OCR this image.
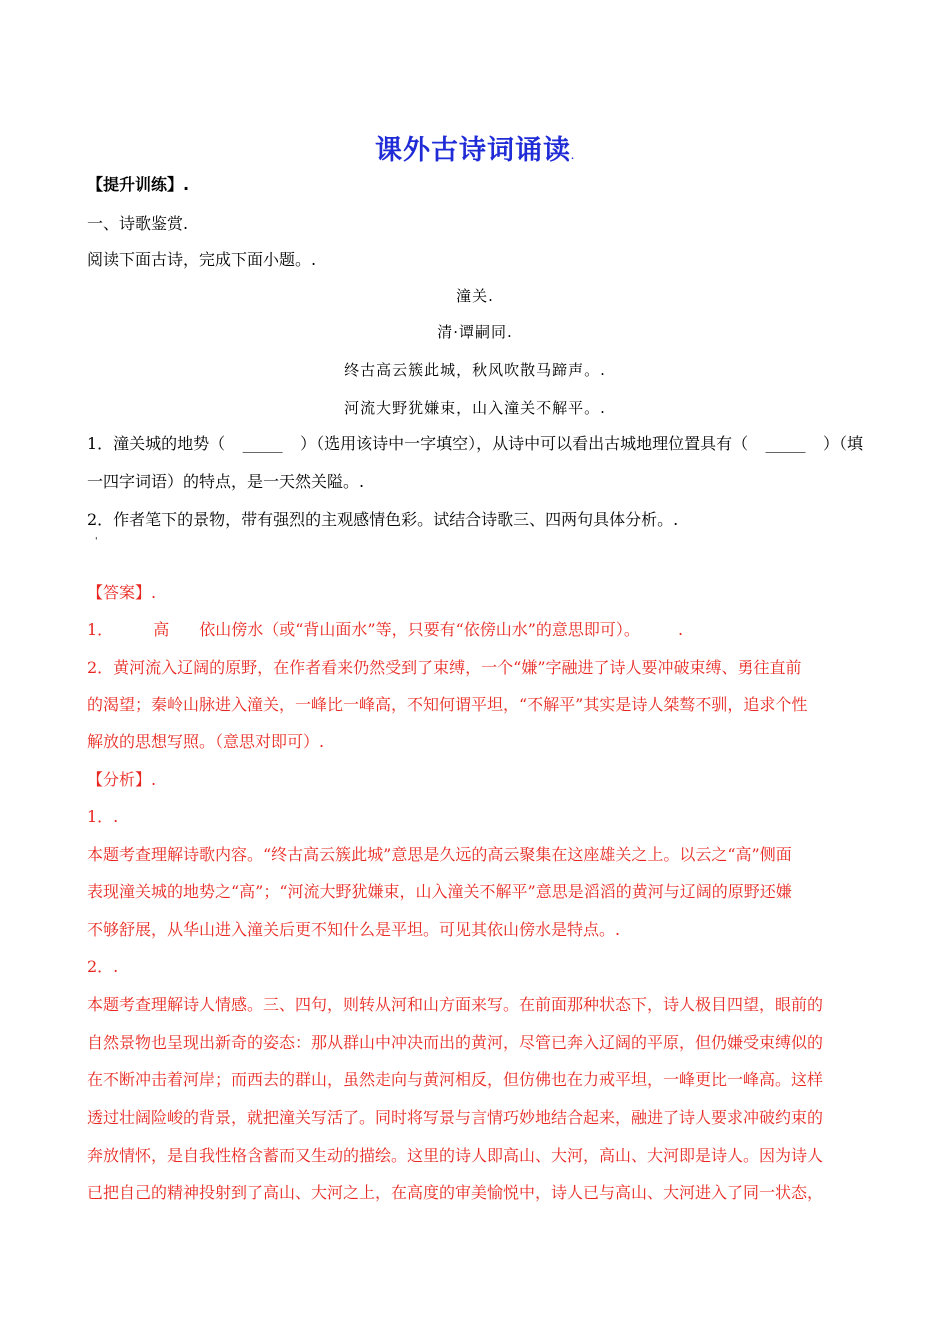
课外古诗词诵读.
【提升训练】.
一、诗歌鉴赏.
阅读下面古诗，完成下面小题。.
潼关.
清·谭嗣同.
终古高云簇此城，秋风吹散马蹄声。.
河流大野犹嫌束，山入潼关不解平。.
1．潼关城的地势（ _____ ）（选用该诗中一字填空），从诗中可以看出古城地理位置具有（ _____ ）（填
一四字词语）的特点，是一天然关隘。.
2．作者笔下的景物，带有强烈的主观感情色彩。试结合诗歌三、四两句具体分析。.
'
【答案】.
1．	高 依山傍水（或“背山面水”等，只要有“依傍山水”的意思即可）。 .
2．黄河流入辽阔的原野，在作者看来仍然受到了束缚，一个“嫌”字融进了诗人要冲破束缚、勇往直前
的渴望；秦岭山脉进入潼关，一峰比一峰高，不知何谓平坦，“不解平”其实是诗人桀骜不驯，追求个性
解放的思想写照。（意思对即可）.
【分析】.
1．.
本题考查理解诗歌内容。“终古高云簇此城”意思是久远的高云聚集在这座雄关之上。以云之“高”侧面
表现潼关城的地势之“高”；“河流大野犹嫌束，山入潼关不解平”意思是滔滔的黄河与辽阔的原野还嫌
不够舒展，从华山进入潼关后更不知什么是平坦。可见其依山傍水是特点。.
2．.
本题考查理解诗人情感。三、四句，则转从河和山方面来写。在前面那种状态下，诗人极目四望，眼前的
自然景物也呈现出新奇的姿态：那从群山中冲决而出的黄河，尽管已奔入辽阔的平原，但仍嫌受束缚似的
在不断冲击着河岸；而西去的群山，虽然走向与黄河相反，但仿佛也在力戒平坦，一峰更比一峰高。这样
透过壮阔险峻的背景，就把潼关写活了。同时将写景与言情巧妙地结合起来，融进了诗人要求冲破约束的
奔放情怀，是自我性格含蓄而又生动的描绘。这里的诗人即高山、大河，高山、大河即是诗人。因为诗人
已把自己的精神投射到了高山、大河之上，在高度的审美愉悦中，诗人已与高山、大河进入了同一状态，
